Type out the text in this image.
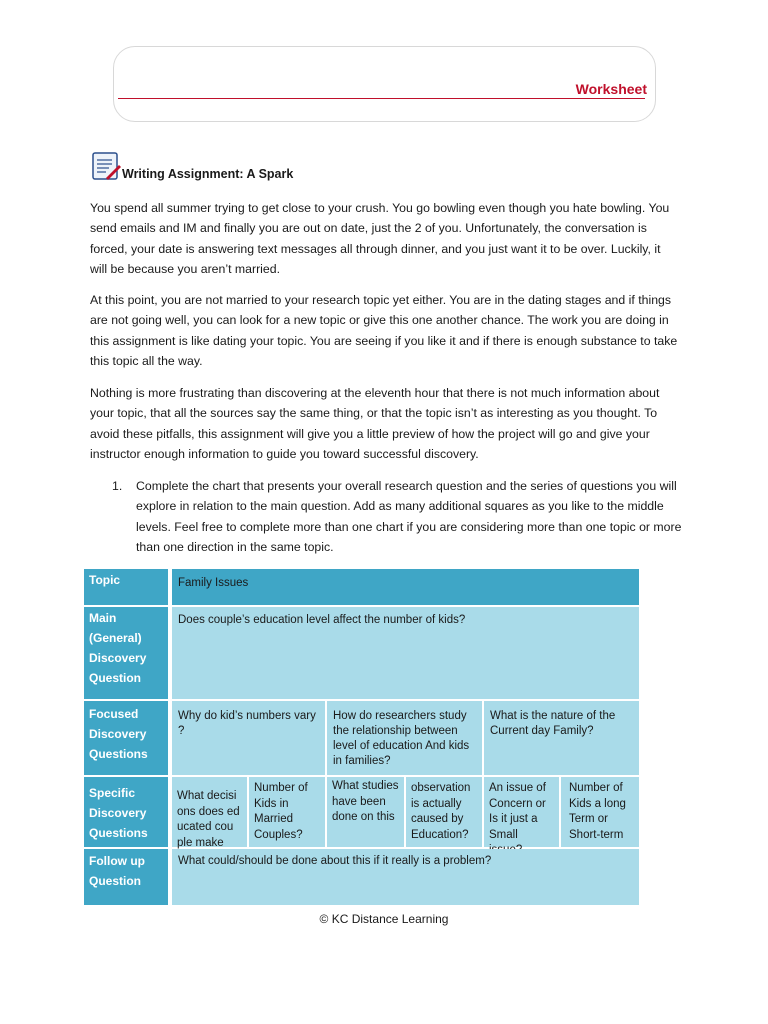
Worksheet
Writing Assignment: A Spark

You spend all summer trying to get close to your crush. You go bowling even though you hate bowling. You send emails and IM and finally you are out on date, just the 2 of you. Unfortunately, the conversation is forced, your date is answering text messages all through dinner, and you just want it to be over. Luckily, it will be because you aren’t married.

At this point, you are not married to your research topic yet either. You are in the dating stages and if things are not going well, you can look for a new topic or give this one another chance. The work you are doing in this assignment is like dating your topic. You are seeing if you like it and if there is enough substance to take this topic all the way.

Nothing is more frustrating than discovering at the eleventh hour that there is not much information about your topic, that all the sources say the same thing, or that the topic isn’t as interesting as you thought. To avoid these pitfalls, this assignment will give you a little preview of how the project will go and give your instructor enough information to guide you toward successful discovery.

1. Complete the chart that presents your overall research question and the series of questions you will explore in relation to the main question. Add as many additional squares as you like to the middle levels. Feel free to complete more than one chart if you are considering more than one topic or more than one direction in the same topic.
Topic	Family Issues
Main (General) Discovery Question
Does couple’s education level affect the number of kids?
Focused Discovery Questions
Why do kid’s numbers vary ?
How do researchers study the relationship between level of education And kids in families?
What is the nature of the Current day Family?
Specific Discovery Questions
What decisi ons does ed ucated cou ple make
Number of Kids in Married Couples?
What studies have been done on this
observation is actually caused by Education?
An issue of Concern or Is it just a Small
Number of Kids a long Term or Short-term
Follow up Question
What could/should be done about this if it really is a problem?
© KC Distance Learning
